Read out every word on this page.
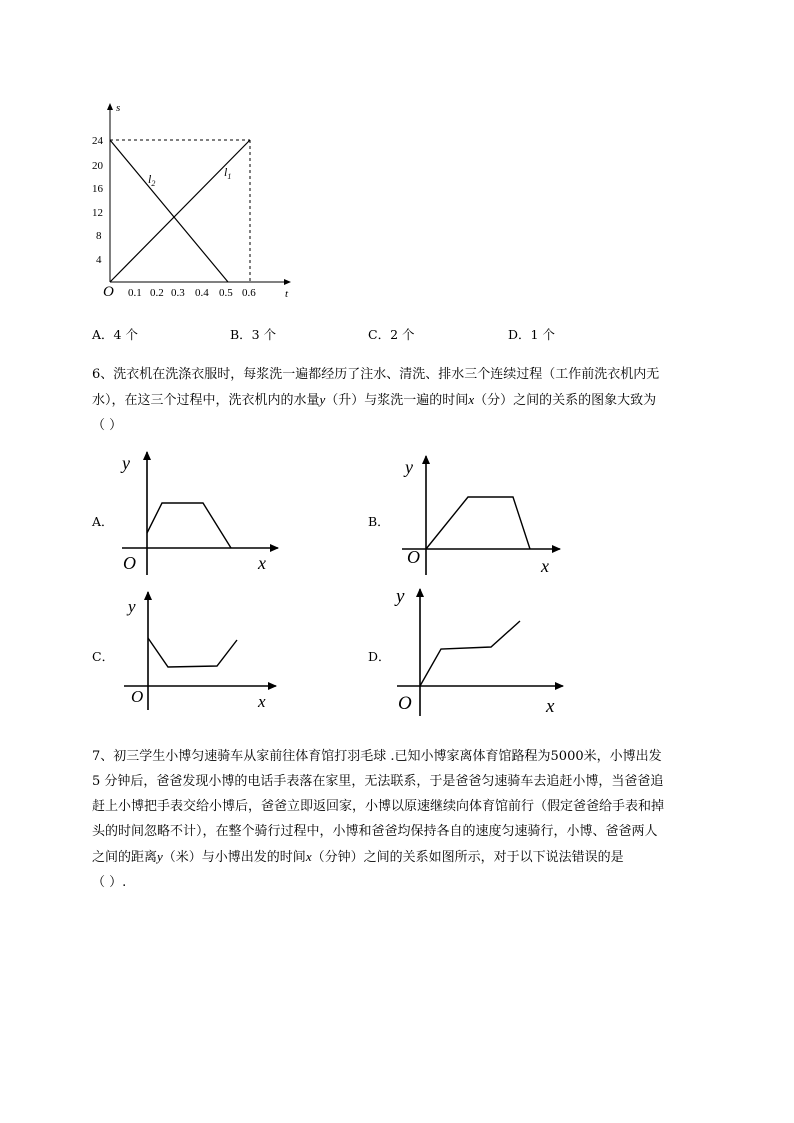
s
t
O
4
8
12
16
20
24
0.1 0.2 0.3 0.4 0.5 0.6
$l_1$
$l_2$
A．4 个	B．3 个	C．2 个	D．1 个
6、洗衣机在洗涤衣服时，每浆洗一遍都经历了注水、清洗、排水三个连续过程（工作前洗衣机内无
水），在这三个过程中，洗衣机内的水量y（升）与浆洗一遍的时间x（分）之间的关系的图象大致为
（ ）
A．	B．
C．	D．
y
O	x
y
O	x
y
O	x
y
O	x
7、初三学生小博匀速骑车从家前往体育馆打羽毛球 .已知小博家离体育馆路程为5000米，小博出发
5 分钟后，爸爸发现小博的电话手表落在家里，无法联系，于是爸爸匀速骑车去追赶小博，当爸爸追
赶上小博把手表交给小博后，爸爸立即返回家，小博以原速继续向体育馆前行（假定爸爸给手表和掉
头的时间忽略不计），在整个骑行过程中，小博和爸爸均保持各自的速度匀速骑行，小博、爸爸两人
之间的距离y（米）与小博出发的时间x（分钟）之间的关系如图所示，对于以下说法错误的是
（ ）.
